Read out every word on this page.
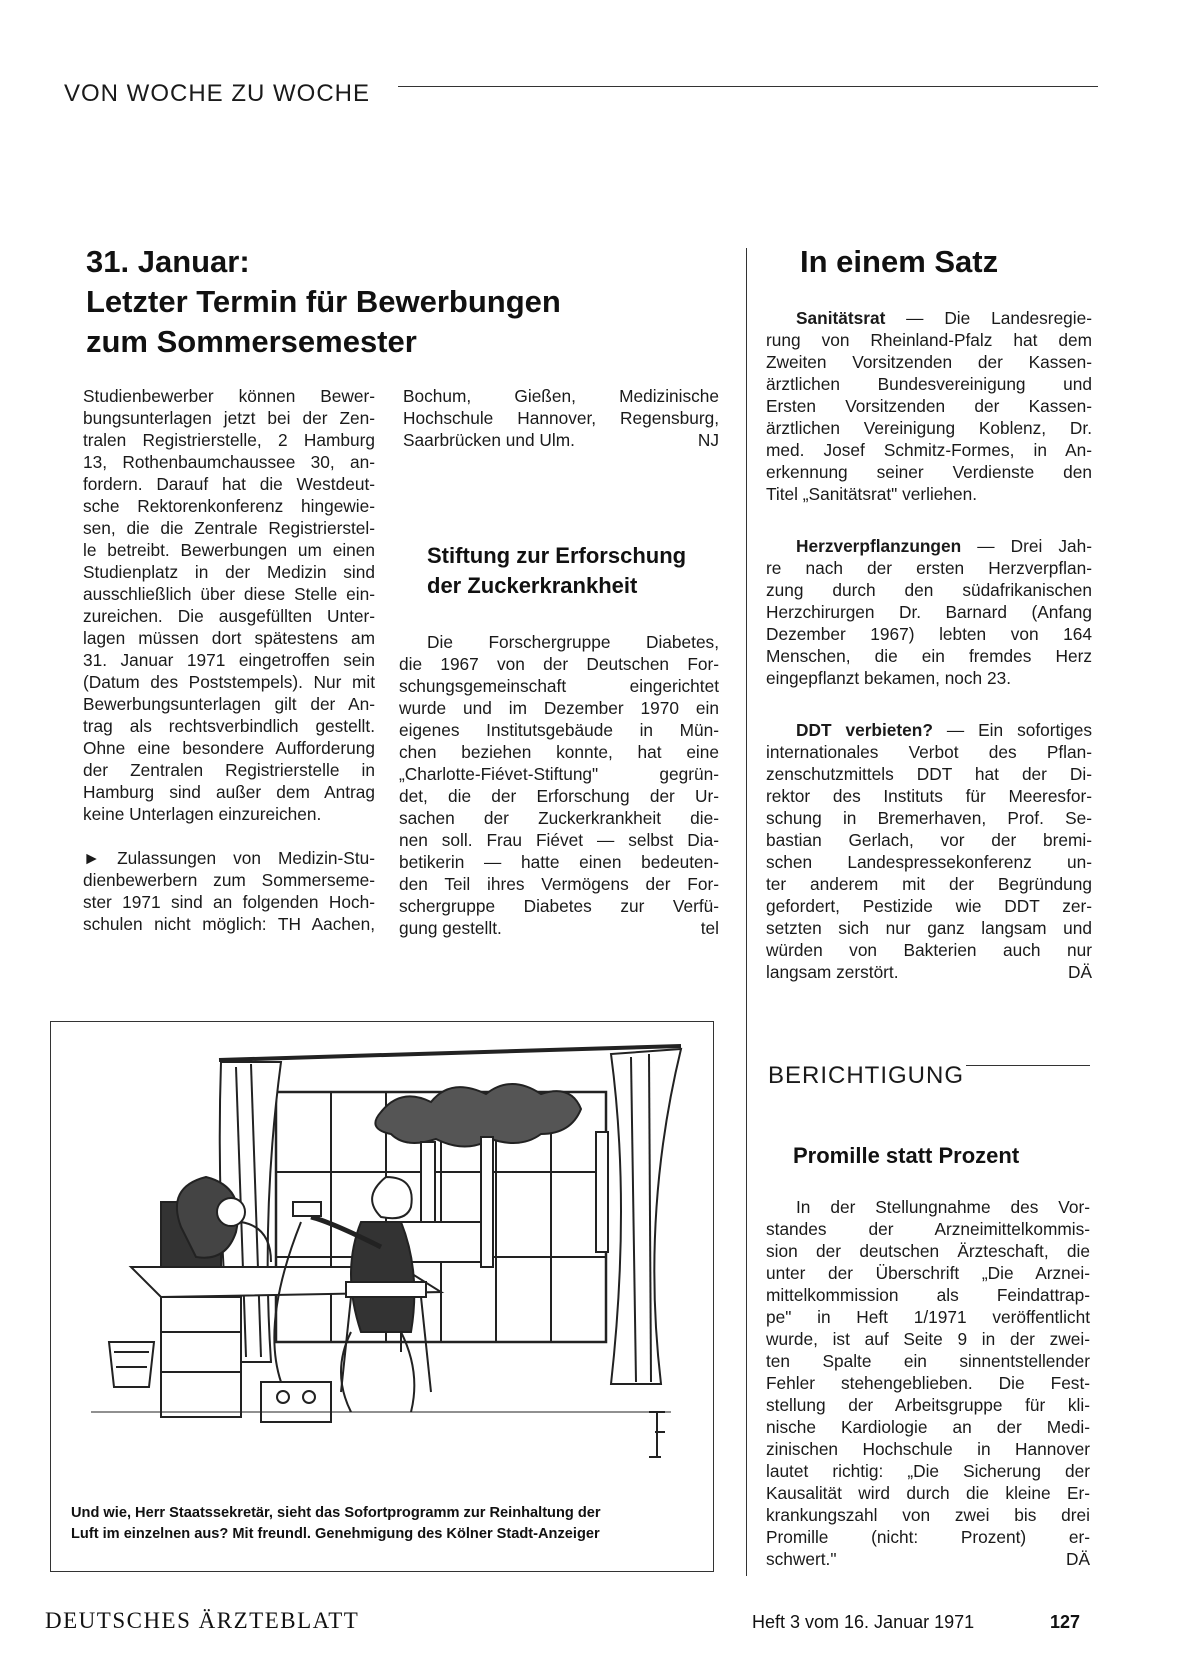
VON WOCHE ZU WOCHE
31. Januar:
Letzter Termin für Bewerbungen
zum Sommersemester
Studienbewerber können Bewer-
bungsunterlagen jetzt bei der Zen-
tralen Registrierstelle, 2 Hamburg
13, Rothenbaumchaussee 30, an-
fordern. Darauf hat die Westdeut-
sche Rektorenkonferenz hingewie-
sen, die die Zentrale Registrierstel-
le betreibt. Bewerbungen um einen
Studienplatz in der Medizin sind
ausschließlich über diese Stelle ein-
zureichen. Die ausgefüllten Unter-
lagen müssen dort spätestens am
31. Januar 1971 eingetroffen sein
(Datum des Poststempels). Nur mit
Bewerbungsunterlagen gilt der An-
trag als rechtsverbindlich gestellt.
Ohne eine besondere Aufforderung
der Zentralen Registrierstelle in
Hamburg sind außer dem Antrag
keine Unterlagen einzureichen.
► Zulassungen von Medizin-Stu-
dienbewerbern zum Sommerseme-
ster 1971 sind an folgenden Hoch-
schulen nicht möglich: TH Aachen,
Bochum, Gießen, Medizinische
Hochschule Hannover, Regensburg,
Saarbrücken und Ulm.	NJ
Stiftung zur Erforschung
der Zuckerkrankheit
Die Forschergruppe Diabetes,
die 1967 von der Deutschen For-
schungsgemeinschaft eingerichtet
wurde und im Dezember 1970 ein
eigenes Institutsgebäude in Mün-
chen beziehen konnte, hat eine
„Charlotte-Fiévet-Stiftung" gegrün-
det, die der Erforschung der Ur-
sachen der Zuckerkrankheit die-
nen soll. Frau Fiévet — selbst Dia-
betikerin — hatte einen bedeuten-
den Teil ihres Vermögens der For-
schergruppe Diabetes zur Verfü-
gung gestellt.	tel
In einem Satz
Sanitätsrat — Die Landesregie-
rung von Rheinland-Pfalz hat dem
Zweiten Vorsitzenden der Kassen-
ärztlichen Bundesvereinigung und
Ersten Vorsitzenden der Kassen-
ärztlichen Vereinigung Koblenz, Dr.
med. Josef Schmitz-Formes, in An-
erkennung seiner Verdienste den
Titel „Sanitätsrat" verliehen.
Herzverpflanzungen — Drei Jah-
re nach der ersten Herzverpflan-
zung durch den südafrikanischen
Herzchirurgen Dr. Barnard (Anfang
Dezember 1967) lebten von 164
Menschen, die ein fremdes Herz
eingepflanzt bekamen, noch 23.
DDT verbieten? — Ein sofortiges
internationales Verbot des Pflan-
zenschutzmittels DDT hat der Di-
rektor des Instituts für Meeresfor-
schung in Bremerhaven, Prof. Se-
bastian Gerlach, vor der bremi-
schen Landespressekonferenz un-
ter anderem mit der Begründung
gefordert, Pestizide wie DDT zer-
setzten sich nur ganz langsam und
würden von Bakterien auch nur
langsam zerstört.	DÄ
BERICHTIGUNG
Promille statt Prozent
In der Stellungnahme des Vor-
standes der Arzneimittelkommis-
sion der deutschen Ärzteschaft, die
unter der Überschrift „Die Arznei-
mittelkommission als Feindattrap-
pe" in Heft 1/1971 veröffentlicht
wurde, ist auf Seite 9 in der zwei-
ten Spalte ein sinnentstellender
Fehler stehengeblieben. Die Fest-
stellung der Arbeitsgruppe für kli-
nische Kardiologie an der Medi-
zinischen Hochschule in Hannover
lautet richtig: „Die Sicherung der
Kausalität wird durch die kleine Er-
krankungszahl von zwei bis drei
Promille (nicht: Prozent) er-
schwert."	DÄ
Und wie, Herr Staatssekretär, sieht das Sofortprogramm zur Reinhaltung der
Luft im einzelnen aus? Mit freundl. Genehmigung des Kölner Stadt-Anzeiger
DEUTSCHES ÄRZTEBLATT	Heft 3 vom 16. Januar 1971	127
